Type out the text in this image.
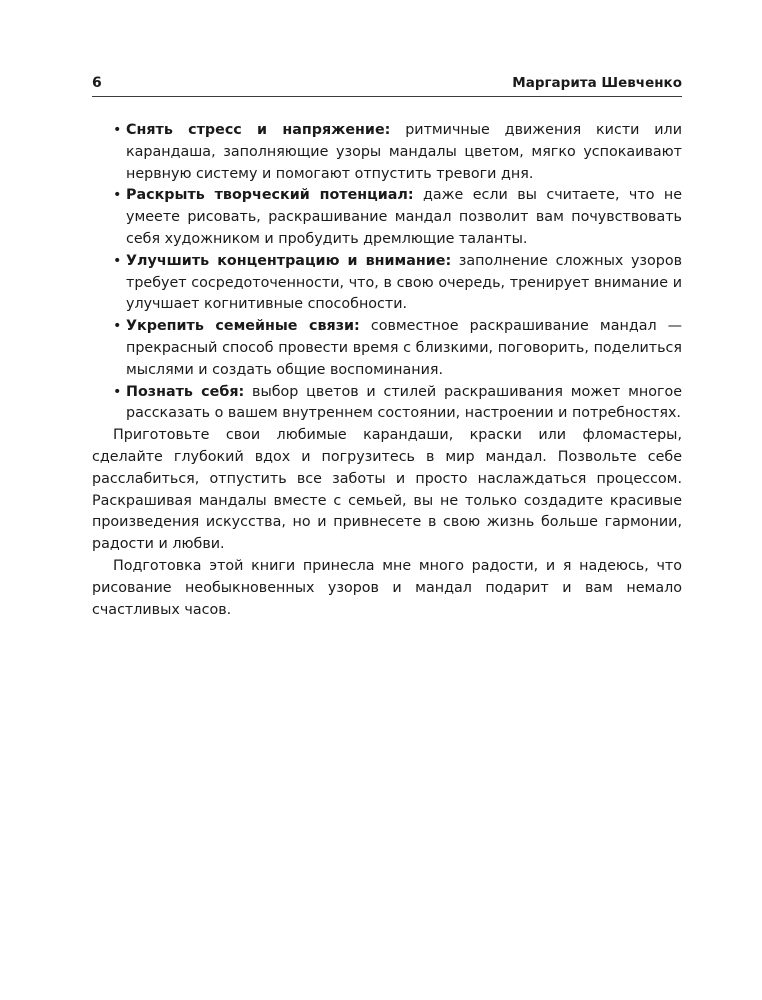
6	Маргарита Шевченко
• Снять стресс и напряжение: ритмичные движения кисти или карандаша, заполняющие узоры мандалы цветом, мягко успокаивают нервную систему и помогают отпустить тревоги дня.
• Раскрыть творческий потенциал: даже если вы считаете, что не умеете рисовать, раскрашивание мандал позволит вам почувствовать себя художником и пробудить дремлющие таланты.
• Улучшить концентрацию и внимание: заполнение сложных узоров требует сосредоточенности, что, в свою очередь, тренирует внимание и улучшает когнитивные способности.
• Укрепить семейные связи: совместное раскрашивание мандал — прекрасный способ провести время с близкими, поговорить, поделиться мыслями и создать общие воспоминания.
• Познать себя: выбор цветов и стилей раскрашивания может многое рассказать о вашем внутреннем состоянии, настроении и потребностях.

Приготовьте свои любимые карандаши, краски или фломастеры, сделайте глубокий вдох и погрузитесь в мир мандал. Позвольте себе расслабиться, отпустить все заботы и просто наслаждаться процессом. Раскрашивая мандалы вместе с семьей, вы не только создадите красивые произведения искусства, но и привнесете в свою жизнь больше гармонии, радости и любви.

Подготовка этой книги принесла мне много радости, и я надеюсь, что рисование необыкновенных узоров и мандал подарит и вам немало счастливых часов.
